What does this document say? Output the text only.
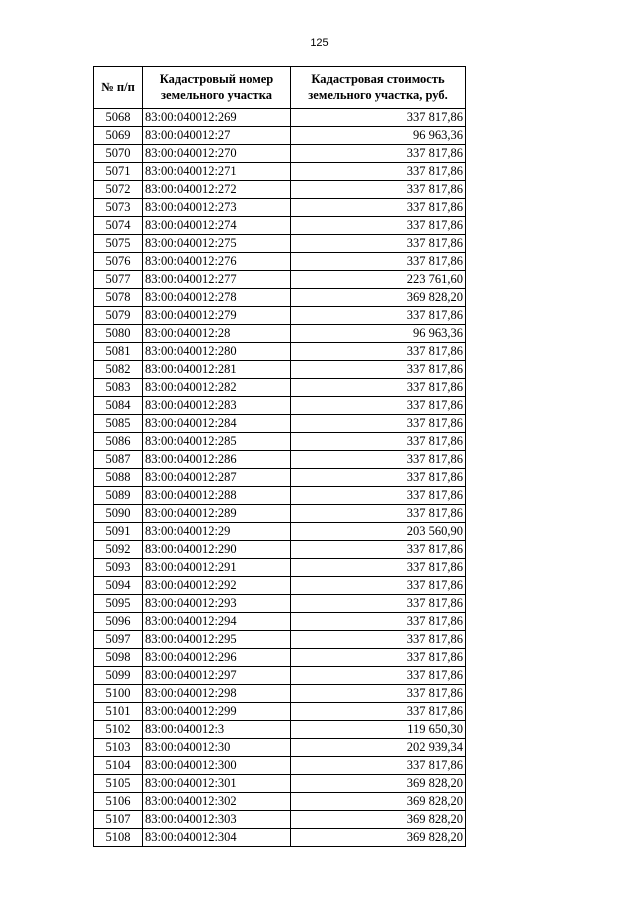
125
№ п/п	Кадастровый номер земельного участка	Кадастровая стоимость земельного участка, руб.
5068	83:00:040012:269	337 817,86
5069	83:00:040012:27	96 963,36
5070	83:00:040012:270	337 817,86
5071	83:00:040012:271	337 817,86
5072	83:00:040012:272	337 817,86
5073	83:00:040012:273	337 817,86
5074	83:00:040012:274	337 817,86
5075	83:00:040012:275	337 817,86
5076	83:00:040012:276	337 817,86
5077	83:00:040012:277	223 761,60
5078	83:00:040012:278	369 828,20
5079	83:00:040012:279	337 817,86
5080	83:00:040012:28	96 963,36
5081	83:00:040012:280	337 817,86
5082	83:00:040012:281	337 817,86
5083	83:00:040012:282	337 817,86
5084	83:00:040012:283	337 817,86
5085	83:00:040012:284	337 817,86
5086	83:00:040012:285	337 817,86
5087	83:00:040012:286	337 817,86
5088	83:00:040012:287	337 817,86
5089	83:00:040012:288	337 817,86
5090	83:00:040012:289	337 817,86
5091	83:00:040012:29	203 560,90
5092	83:00:040012:290	337 817,86
5093	83:00:040012:291	337 817,86
5094	83:00:040012:292	337 817,86
5095	83:00:040012:293	337 817,86
5096	83:00:040012:294	337 817,86
5097	83:00:040012:295	337 817,86
5098	83:00:040012:296	337 817,86
5099	83:00:040012:297	337 817,86
5100	83:00:040012:298	337 817,86
5101	83:00:040012:299	337 817,86
5102	83:00:040012:3	119 650,30
5103	83:00:040012:30	202 939,34
5104	83:00:040012:300	337 817,86
5105	83:00:040012:301	369 828,20
5106	83:00:040012:302	369 828,20
5107	83:00:040012:303	369 828,20
5108	83:00:040012:304	369 828,20
